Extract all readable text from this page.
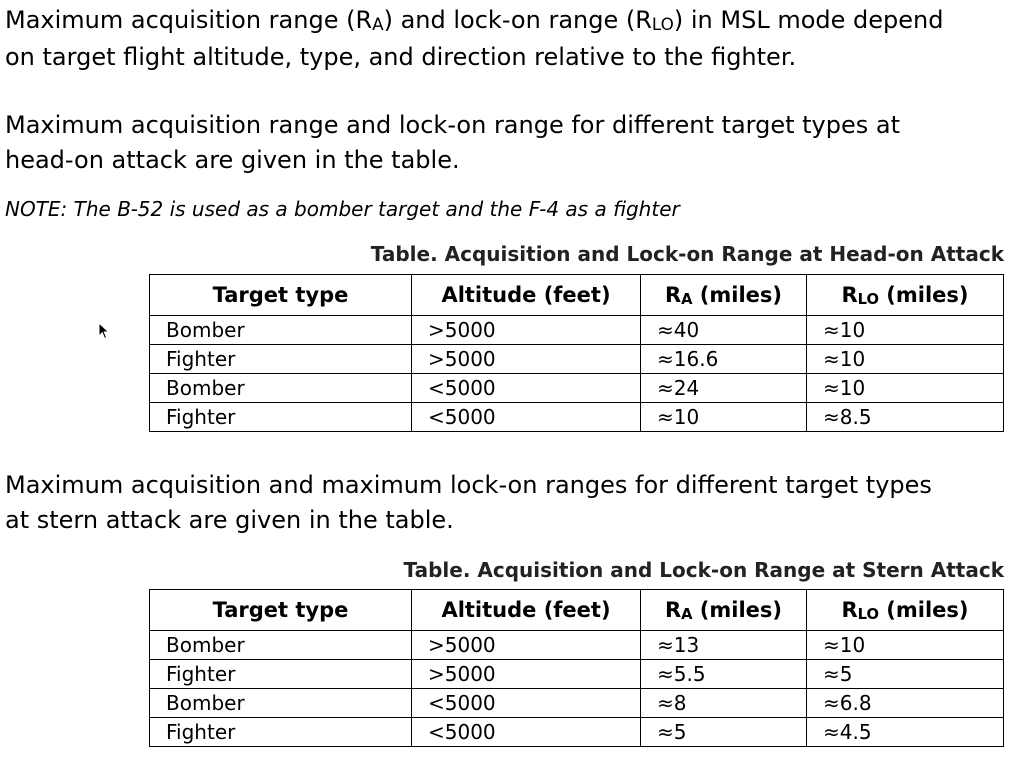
Maximum acquisition range $(R_A)$ and lock-on range $(R_{LO})$ in MSL mode depend
on target flight altitude, type, and direction relative to the fighter.

Maximum acquisition range and lock-on range for different target types at
head-on attack are given in the table.

NOTE: The B-52 is used as a bomber target and the F-4 as a fighter

Table. Acquisition and Lock-on Range at Head-on Attack

Target type	Altitude (feet)	$R_A$ (miles)	$R_{LO}$ (miles)
Bomber	>5000	≈40	≈10
Fighter	>5000	≈16.6	≈10
Bomber	<5000	≈24	≈10
Fighter	<5000	≈10	≈8.5

Maximum acquisition and maximum lock-on ranges for different target types
at stern attack are given in the table.

Table. Acquisition and Lock-on Range at Stern Attack

Target type	Altitude (feet)	$R_A$ (miles)	$R_{LO}$ (miles)
Bomber	>5000	≈13	≈10
Fighter	>5000	≈5.5	≈5
Bomber	<5000	≈8	≈6.8
Fighter	<5000	≈5	≈4.5
